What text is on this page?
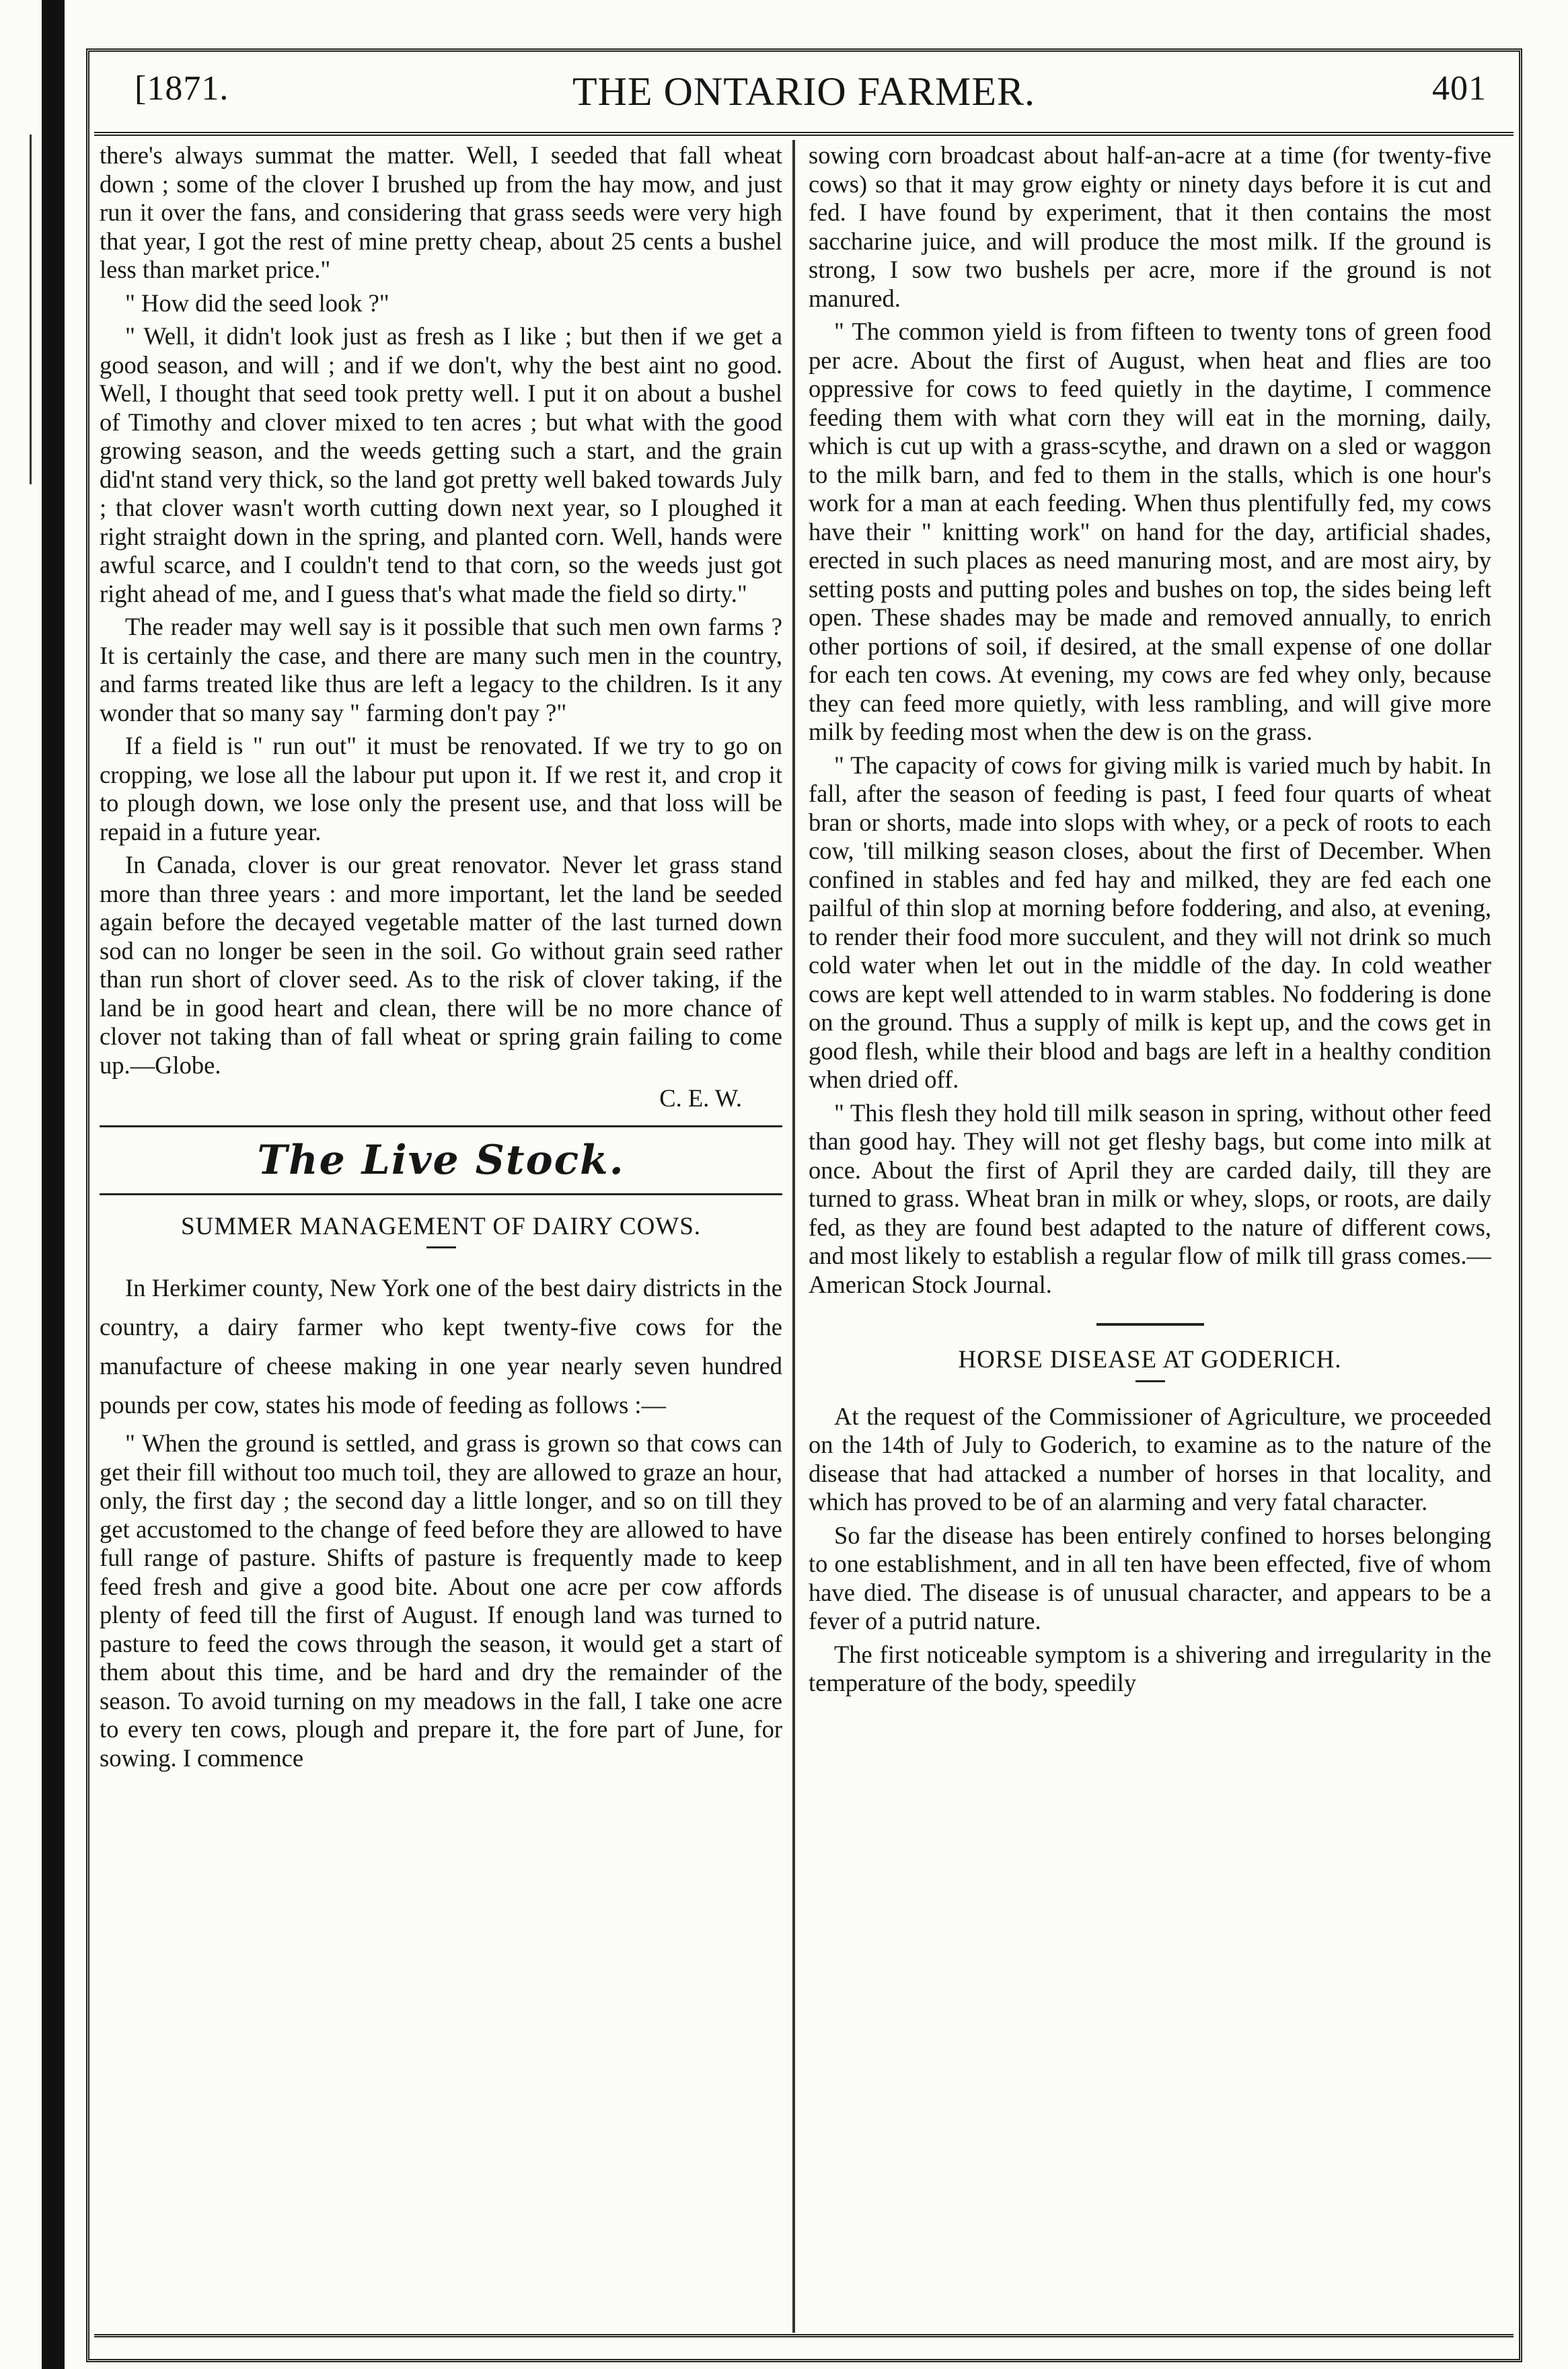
[1871.	THE ONTARIO FARMER.	401

there's always summat the matter. Well, I seeded that fall wheat down ; some of the clover I brushed up from the hay mow, and just run it over the fans, and considering that grass seeds were very high that year, I got the rest of mine pretty cheap, about 25 cents a bushel less than market price."

" How did the seed look ?"

" Well, it didn't look just as fresh as I like ; but then if we get a good season, and will ; and if we don't, why the best aint no good. Well, I thought that seed took pretty well. I put it on about a bushel of Timothy and clover mixed to ten acres ; but what with the good growing season, and the weeds getting such a start, and the grain did'nt stand very thick, so the land got pretty well baked towards July ; that clover wasn't worth cutting down next year, so I ploughed it right straight down in the spring, and planted corn. Well, hands were awful scarce, and I couldn't tend to that corn, so the weeds just got right ahead of me, and I guess that's what made the field so dirty."

The reader may well say is it possible that such men own farms ? It is certainly the case, and there are many such men in the country, and farms treated like thus are left a legacy to the children. Is it any wonder that so many say " farming don't pay ?"

If a field is " run out" it must be renovated. If we try to go on cropping, we lose all the labour put upon it. If we rest it, and crop it to plough down, we lose only the present use, and that loss will be repaid in a future year.

In Canada, clover is our great renovator. Never let grass stand more than three years : and more important, let the land be seeded again before the decayed vegetable matter of the last turned down sod can no longer be seen in the soil. Go without grain seed rather than run short of clover seed. As to the risk of clover taking, if the land be in good heart and clean, there will be no more chance of clover not taking than of fall wheat or spring grain failing to come up.—Globe.

C. E. W.

The Live Stock.
SUMMER MANAGEMENT OF DAIRY COWS.

In Herkimer county, New York one of the best dairy districts in the country, a dairy farmer who kept twenty-five cows for the manufacture of cheese making in one year nearly seven hundred pounds per cow, states his mode of feeding as follows :—

" When the ground is settled, and grass is grown so that cows can get their fill without too much toil, they are allowed to graze an hour, only, the first day ; the second day a little longer, and so on till they get accustomed to the change of feed before they are allowed to have full range of pasture. Shifts of pasture is frequently made to keep feed fresh and give a good bite. About one acre per cow affords plenty of feed till the first of August. If enough land was turned to pasture to feed the cows through the season, it would get a start of them about this time, and be hard and dry the remainder of the season. To avoid turning on my meadows in the fall, I take one acre to every ten cows, plough and prepare it, the fore part of June, for sowing. I commence

sowing corn broadcast about half-an-acre at a time (for twenty-five cows) so that it may grow eighty or ninety days before it is cut and fed. I have found by experiment, that it then contains the most saccharine juice, and will produce the most milk. If the ground is strong, I sow two bushels per acre, more if the ground is not manured.

" The common yield is from fifteen to twenty tons of green food per acre. About the first of August, when heat and flies are too oppressive for cows to feed quietly in the daytime, I commence feeding them with what corn they will eat in the morning, daily, which is cut up with a grass-scythe, and drawn on a sled or waggon to the milk barn, and fed to them in the stalls, which is one hour's work for a man at each feeding. When thus plentifully fed, my cows have their " knitting work" on hand for the day, artificial shades, erected in such places as need manuring most, and are most airy, by setting posts and putting poles and bushes on top, the sides being left open. These shades may be made and removed annually, to enrich other portions of soil, if desired, at the small expense of one dollar for each ten cows. At evening, my cows are fed whey only, because they can feed more quietly, with less rambling, and will give more milk by feeding most when the dew is on the grass.

" The capacity of cows for giving milk is varied much by habit. In fall, after the season of feeding is past, I feed four quarts of wheat bran or shorts, made into slops with whey, or a peck of roots to each cow, 'till milking season closes, about the first of December. When confined in stables and fed hay and milked, they are fed each one pailful of thin slop at morning before foddering, and also, at evening, to render their food more succulent, and they will not drink so much cold water when let out in the middle of the day. In cold weather cows are kept well attended to in warm stables. No foddering is done on the ground. Thus a supply of milk is kept up, and the cows get in good flesh, while their blood and bags are left in a healthy condition when dried off.

" This flesh they hold till milk season in spring, without other feed than good hay. They will not get fleshy bags, but come into milk at once. About the first of April they are carded daily, till they are turned to grass. Wheat bran in milk or whey, slops, or roots, are daily fed, as they are found best adapted to the nature of different cows, and most likely to establish a regular flow of milk till grass comes.—American Stock Journal.

HORSE DISEASE AT GODERICH.

At the request of the Commissioner of Agriculture, we proceeded on the 14th of July to Goderich, to examine as to the nature of the disease that had attacked a number of horses in that locality, and which has proved to be of an alarming and very fatal character.

So far the disease has been entirely confined to horses belonging to one establishment, and in all ten have been effected, five of whom have died. The disease is of unusual character, and appears to be a fever of a putrid nature.

The first noticeable symptom is a shivering and irregularity in the temperature of the body, speedily
